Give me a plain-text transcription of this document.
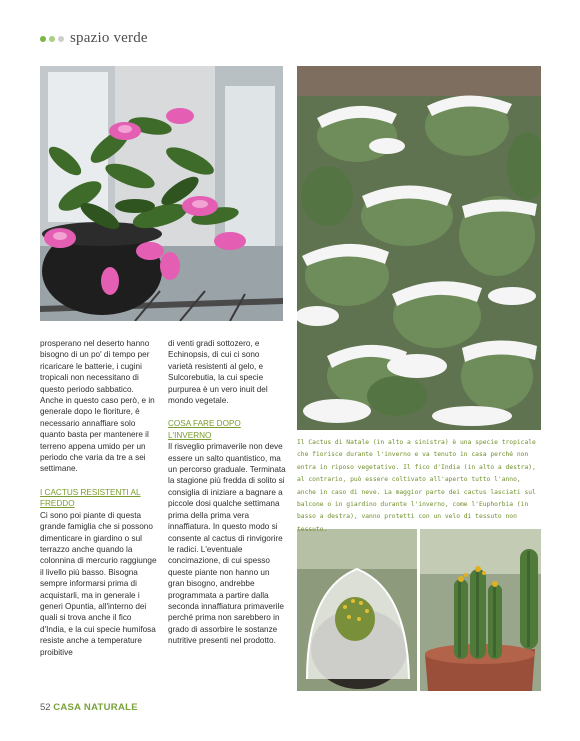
spazio verde

prosperano nel deserto hanno bisogno di un po' di tempo per ricaricare le batterie, i cugini tropicali non necessitano di questo periodo sabbatico. Anche in questo caso però, e in generale dopo le fioriture, è necessario annaffiare solo quanto basta per mantenere il terreno appena umido per un periodo che varia da tre a sei settimane.

I CACTUS RESISTENTI AL FREDDO

Ci sono poi piante di questa grande famiglia che si possono dimenticare in giardino o sul terrazzo anche quando la colonnina di mercurio raggiunge il livello più basso. Bisogna sempre informarsi prima di acquistarli, ma in generale i generi Opuntia, all'interno dei quali si trova anche il fico d'India, e la cui specie humifosa resiste anche a temperature proibitive

di venti gradi sottozero, e Echinopsis, di cui ci sono varietà resistenti al gelo, e Sulcorebutia, la cui specie purpurea è un vero inuit del mondo vegetale.

COSA FARE DOPO L'INVERNO

Il risveglio primaverile non deve essere un salto quantistico, ma un percorso graduale. Terminata la stagione più fredda di solito si consiglia di iniziare a bagnare a piccole dosi qualche settimana prima della prima vera innaffiatura. In questo modo si consente al cactus di rinvigorire le radici. L'eventuale concimazione, di cui spesso queste piante non hanno un gran bisogno, andrebbe programmata a partire dalla seconda innaffiatura primaverile perché prima non sarebbero in grado di assorbire le sostanze nutritive presenti nel prodotto.

Il Cactus di Natale (in alto a sinistra) è una specie tropicale che fiorisce durante l'inverno e va tenuto in casa perché non entra in riposo vegetativo. Il fico d'India (in alto a destra), al contrario, può essere coltivato all'aperto tutto l'anno, anche in caso di neve. La maggior parte dei cactus lasciati sul balcone o in giardino durante l'inverno, come l'Euphorbia (in basso a destra), vanno protetti con un velo di tessuto non tessuto.
52 CASA NATURALE
